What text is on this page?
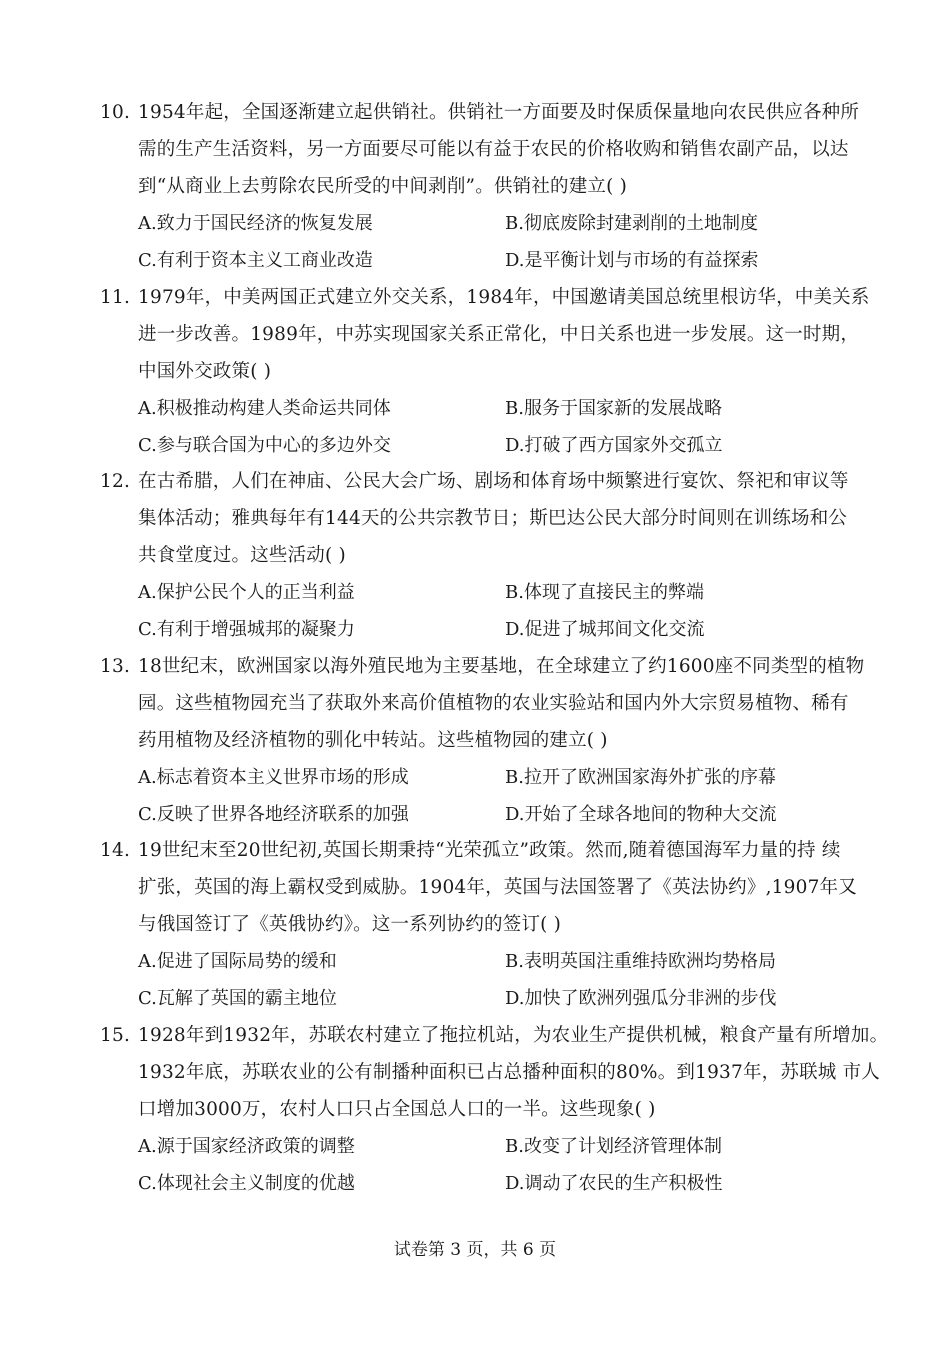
10. 1954年起，全国逐渐建立起供销社。供销社一方面要及时保质保量地向农民供应各种所
需的生产生活资料，另一方面要尽可能以有益于农民的价格收购和销售农副产品，以达
到“从商业上去剪除农民所受的中间剥削”。供销社的建立( )
A.致力于国民经济的恢复发展	B.彻底废除封建剥削的土地制度
C.有利于资本主义工商业改造	D.是平衡计划与市场的有益探索
11. 1979年，中美两国正式建立外交关系，1984年，中国邀请美国总统里根访华，中美关系
进一步改善。1989年，中苏实现国家关系正常化，中日关系也进一步发展。这一时期，
中国外交政策( )
A.积极推动构建人类命运共同体	B.服务于国家新的发展战略
C.参与联合国为中心的多边外交	D.打破了西方国家外交孤立
12. 在古希腊，人们在神庙、公民大会广场、剧场和体育场中频繁进行宴饮、祭祀和审议等
集体活动；雅典每年有144天的公共宗教节日；斯巴达公民大部分时间则在训练场和公
共食堂度过。这些活动( )
A.保护公民个人的正当利益	B.体现了直接民主的弊端
C.有利于增强城邦的凝聚力	D.促进了城邦间文化交流
13. 18世纪末，欧洲国家以海外殖民地为主要基地，在全球建立了约1600座不同类型的植物
园。这些植物园充当了获取外来高价值植物的农业实验站和国内外大宗贸易植物、稀有
药用植物及经济植物的驯化中转站。这些植物园的建立( )
A.标志着资本主义世界市场的形成	B.拉开了欧洲国家海外扩张的序幕
C.反映了世界各地经济联系的加强	D.开始了全球各地间的物种大交流
14. 19世纪末至20世纪初,英国长期秉持“光荣孤立”政策。然而,随着德国海军力量的持 续
扩张，英国的海上霸权受到威胁。1904年，英国与法国签署了《英法协约》,1907年又
与俄国签订了《英俄协约》。这一系列协约的签订( )
A.促进了国际局势的缓和	B.表明英国注重维持欧洲均势格局
C.瓦解了英国的霸主地位	D.加快了欧洲列强瓜分非洲的步伐
15. 1928年到1932年，苏联农村建立了拖拉机站，为农业生产提供机械，粮食产量有所增加。
1932年底，苏联农业的公有制播种面积已占总播种面积的80%。到1937年，苏联城 市人
口增加3000万，农村人口只占全国总人口的一半。这些现象( )
A.源于国家经济政策的调整	B.改变了计划经济管理体制
C.体现社会主义制度的优越	D.调动了农民的生产积极性
试卷第 3 页，共 6 页
